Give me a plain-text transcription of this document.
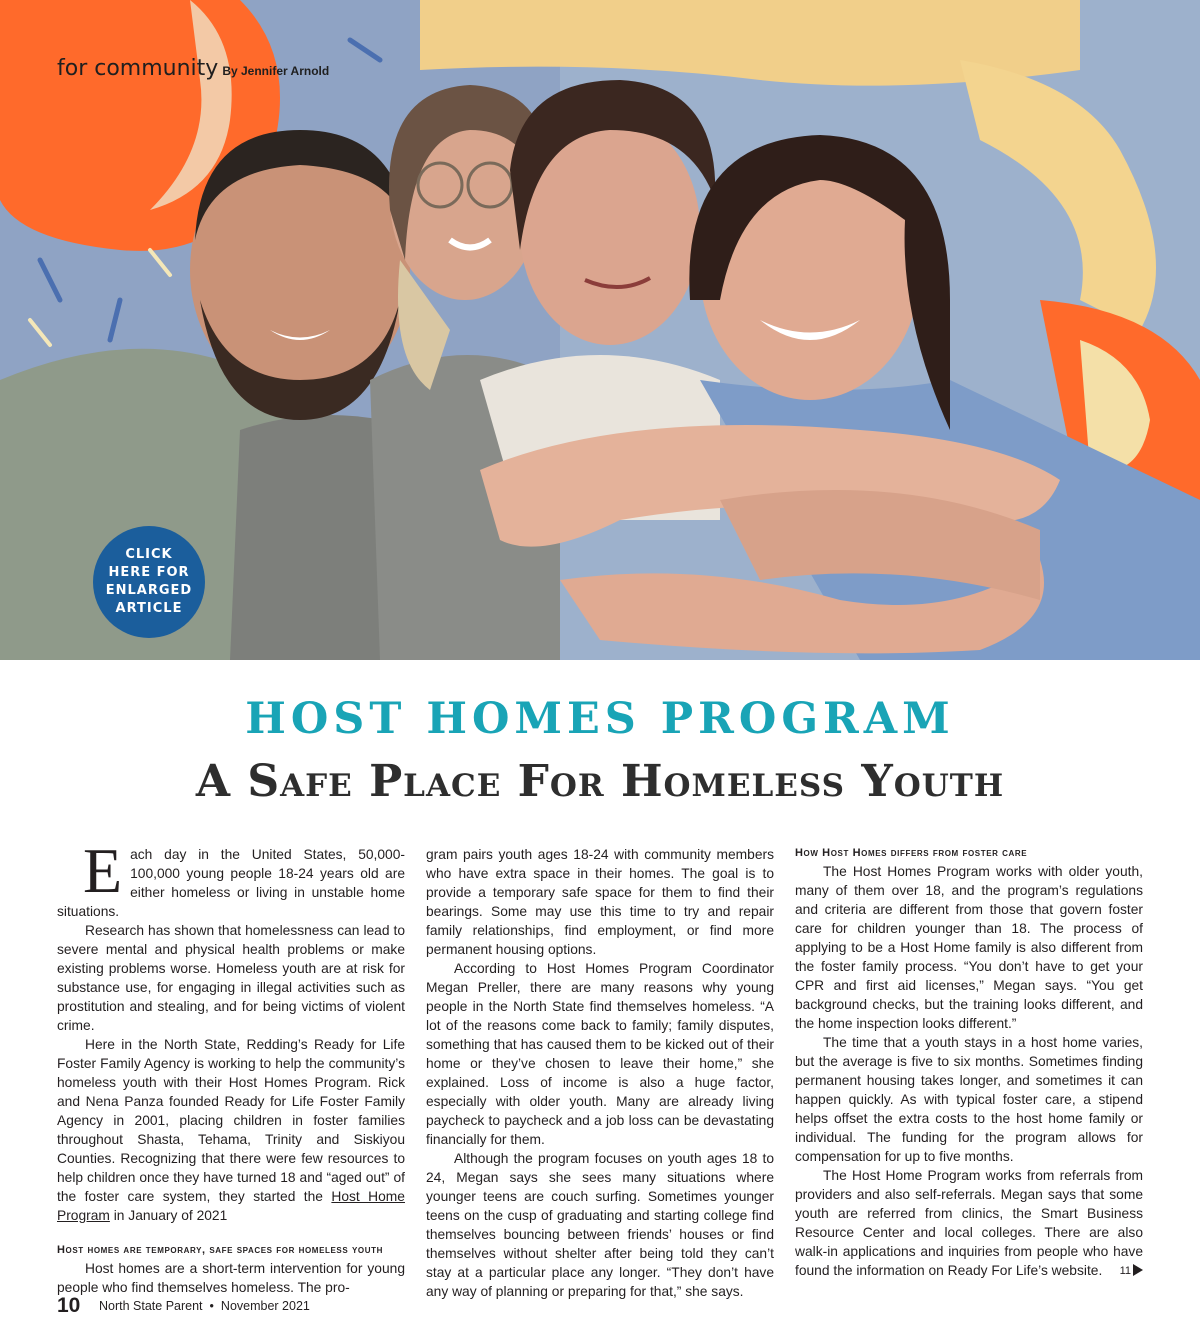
for community By Jennifer Arnold
CLICK
HERE FOR
ENLARGED
ARTICLE
HOST HOMES PROGRAM
A Safe Place For Homeless Youth

Each day in the United States, 50,000-100,000 young people 18-24 years old are either homeless or living in unstable home situations.

Research has shown that homelessness can lead to severe mental and physical health problems or make existing problems worse. Homeless youth are at risk for substance use, for engaging in illegal activities such as prostitution and stealing, and for being victims of violent crime.

Here in the North State, Redding’s Ready for Life Foster Family Agency is working to help the community’s homeless youth with their Host Homes Program. Rick and Nena Panza founded Ready for Life Foster Family Agency in 2001, placing children in foster families throughout Shasta, Tehama, Trinity and Siskiyou Counties. Recognizing that there were few resources to help children once they have turned 18 and “aged out” of the foster care system, they started the Host Home Program in January of 2021

Host homes are temporary, safe spaces for homeless youth

Host homes are a short-term intervention for young people who find themselves homeless. The pro-

gram pairs youth ages 18-24 with community members who have extra space in their homes. The goal is to provide a temporary safe space for them to find their bearings. Some may use this time to try and repair family relationships, find employment, or find more permanent housing options.

According to Host Homes Program Coordinator Megan Preller, there are many reasons why young people in the North State find themselves homeless. “A lot of the reasons come back to family; family disputes, something that has caused them to be kicked out of their home or they’ve chosen to leave their home,” she explained. Loss of income is also a huge factor, especially with older youth. Many are already living paycheck to paycheck and a job loss can be devastating financially for them.

Although the program focuses on youth ages 18 to 24, Megan says she sees many situations where younger teens are couch surfing. Sometimes younger teens on the cusp of graduating and starting college find themselves bouncing between friends’ houses or find themselves without shelter after being told they can’t stay at a particular place any longer. “They don’t have any way of planning or preparing for that,” she says.

How Host Homes differs from foster care

The Host Homes Program works with older youth, many of them over 18, and the program’s regulations and criteria are different from those that govern foster care for children younger than 18. The process of applying to be a Host Home family is also different from the foster family process. “You don’t have to get your CPR and first aid licenses,” Megan says. “You get background checks, but the training looks different, and the home inspection looks different.”

The time that a youth stays in a host home varies, but the average is five to six months. Sometimes finding permanent housing takes longer, and sometimes it can happen quickly. As with typical foster care, a stipend helps offset the extra costs to the host home family or individual. The funding for the program allows for compensation for up to five months.

The Host Home Program works from referrals from providers and also self-referrals. Megan says that some youth are referred from clinics, the Smart Business Resource Center and local colleges. There are also walk-in applications and inquiries from people who have found the information on Ready For Life’s website.	11
10 North State Parent • November 2021
